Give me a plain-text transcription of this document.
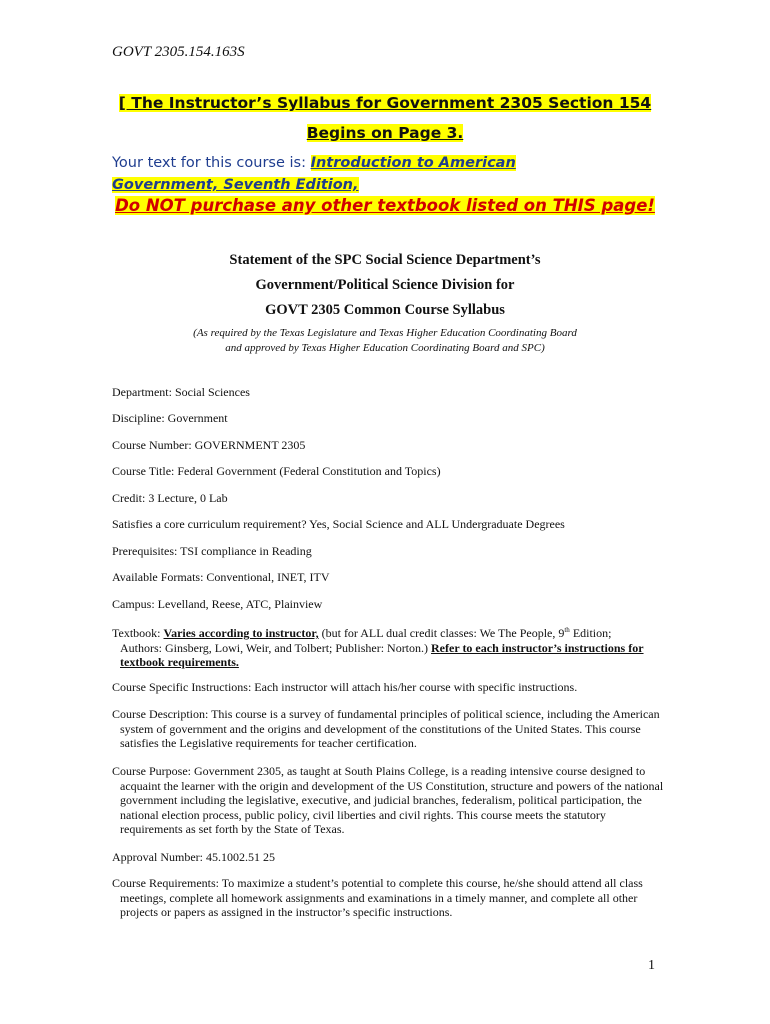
GOVT 2305.154.163S
[ The Instructor’s Syllabus for Government 2305 Section 154
Begins on Page 3.
Your text for this course is: Introduction to American Government, Seventh Edition,
Do NOT purchase any other textbook listed on THIS page!
Statement of the SPC Social Science Department’s
Government/Political Science Division for
GOVT 2305 Common Course Syllabus
(As required by the Texas Legislature and Texas Higher Education Coordinating Board
and approved by Texas Higher Education Coordinating Board and SPC)
Department: Social Sciences
Discipline: Government
Course Number: GOVERNMENT 2305
Course Title: Federal Government (Federal Constitution and Topics)
Credit: 3 Lecture, 0 Lab
Satisfies a core curriculum requirement? Yes, Social Science and ALL Undergraduate Degrees
Prerequisites: TSI compliance in Reading
Available Formats: Conventional, INET, ITV
Campus: Levelland, Reese, ATC, Plainview
Textbook: Varies according to instructor, (but for ALL dual credit classes: We The People, 9th Edition;
Authors: Ginsberg, Lowi, Weir, and Tolbert; Publisher: Norton.) Refer to each instructor’s instructions for textbook requirements.
Course Specific Instructions: Each instructor will attach his/her course with specific instructions.
Course Description: This course is a survey of fundamental principles of political science, including the American system of government and the origins and development of the constitutions of the United States. This course satisfies the Legislative requirements for teacher certification.
Course Purpose: Government 2305, as taught at South Plains College, is a reading intensive course designed to acquaint the learner with the origin and development of the US Constitution, structure and powers of the national government including the legislative, executive, and judicial branches, federalism, political participation, the national election process, public policy, civil liberties and civil rights. This course meets the statutory requirements as set forth by the State of Texas.
Approval Number: 45.1002.51 25
Course Requirements: To maximize a student’s potential to complete this course, he/she should attend all class meetings, complete all homework assignments and examinations in a timely manner, and complete all other projects or papers as assigned in the instructor’s specific instructions.
1
